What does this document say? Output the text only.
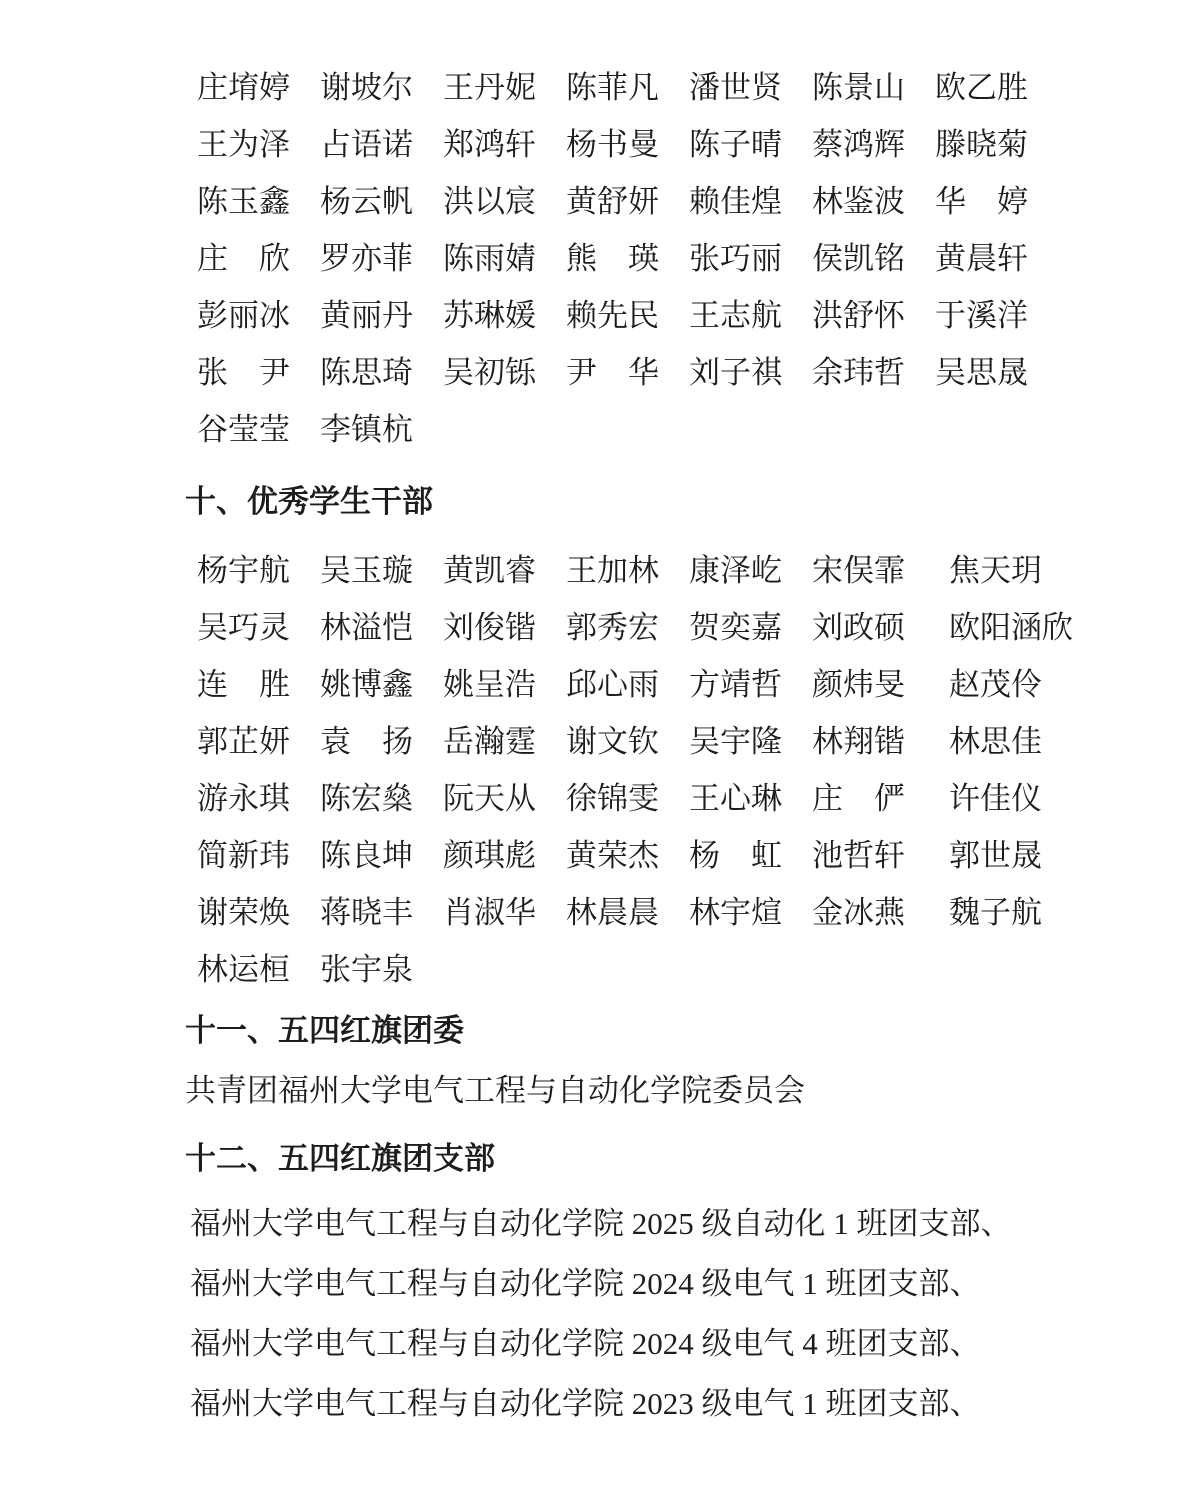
庄堉婷 谢坡尔 王丹妮 陈菲凡 潘世贤 陈景山 欧乙胜
王为泽 占语诺 郑鸿轩 杨书曼 陈子晴 蔡鸿辉 滕晓菊
陈玉鑫 杨云帆 洪以宸 黄舒妍 赖佳煌 林鉴波 华　婷
庄　欣 罗亦菲 陈雨婧 熊　瑛 张巧丽 侯凯铭 黄晨轩
彭丽冰 黄丽丹 苏琳媛 赖先民 王志航 洪舒怀 于溪洋
张　尹 陈思琦 吴初铄 尹　华 刘子祺 余玮哲 吴思晟
谷莹莹 李镇杭
十、优秀学生干部
杨宇航 吴玉璇 黄凯睿 王加林 康泽屹 宋俣霏 焦天玥
吴巧灵 林溢恺 刘俊锴 郭秀宏 贺奕嘉 刘政硕 欧阳涵欣
连　胜 姚博鑫 姚呈浩 邱心雨 方靖哲 颜炜旻 赵茂伶
郭芷妍 袁　扬 岳瀚霆 谢文钦 吴宇隆 林翔锴 林思佳
游永琪 陈宏燊 阮天从 徐锦雯 王心琳 庄　俨 许佳仪
简新玮 陈良坤 颜琪彪 黄荣杰 杨　虹 池哲轩 郭世晟
谢荣焕 蒋晓丰 肖淑华 林晨晨 林宇煊 金冰燕 魏子航
林运桓 张宇泉
十一、五四红旗团委

共青团福州大学电气工程与自动化学院委员会

十二、五四红旗团支部

福州大学电气工程与自动化学院 2025 级自动化 1 班团支部、

福州大学电气工程与自动化学院 2024 级电气 1 班团支部、

福州大学电气工程与自动化学院 2024 级电气 4 班团支部、

福州大学电气工程与自动化学院 2023 级电气 1 班团支部、
